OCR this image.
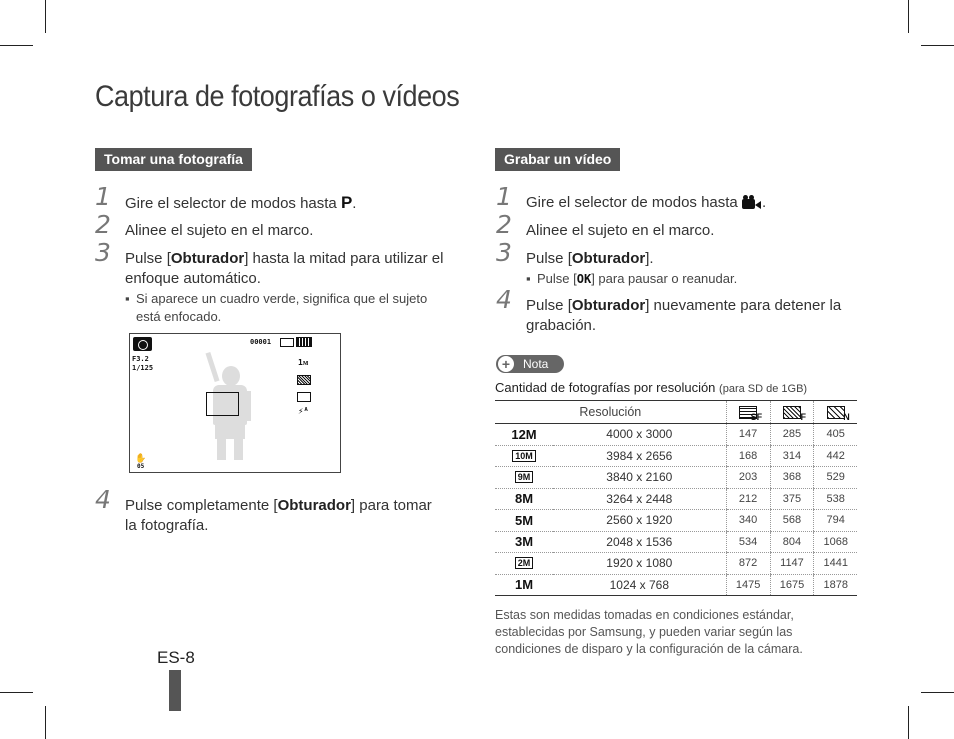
Captura de fotografías o vídeos
Tomar una fotografía
1 Gire el selector de modos hasta P.
2 Alinee el sujeto en el marco.
3 Pulse [Obturador] hasta la mitad para utilizar el
enfoque automático.
▪ Si aparece un cuadro verde, significa que el sujeto
está enfocado.
F3.2
1/125
00001
1ᴍ
⚡ᴬ
✋
05
4 Pulse completamente [Obturador] para tomar
la fotografía.
Grabar un vídeo
1 Gire el selector de modos hasta .
2 Alinee el sujeto en el marco.
3 Pulse [Obturador].
▪ Pulse [OK] para pausar o reanudar.
4 Pulse [Obturador] nuevamente para detener la
grabación.
+	Nota
Cantidad de fotografías por resolución (para SD de 1GB)
Resolución		SF	F	N

12M	4000 x 3000	147	285	405
10M	3984 x 2656	168	314	442
9M	3840 x 2160	203	368	529
8M	3264 x 2448	212	375	538
5M	2560 x 1920	340	568	794
3M	2048 x 1536	534	804	1068
2M	1920 x 1080	872	1147	1441
1M	1024 x 768	1475	1675	1878
Estas son medidas tomadas en condiciones estándar,
establecidas por Samsung, y pueden variar según las
condiciones de disparo y la configuración de la cámara.
ES-8
